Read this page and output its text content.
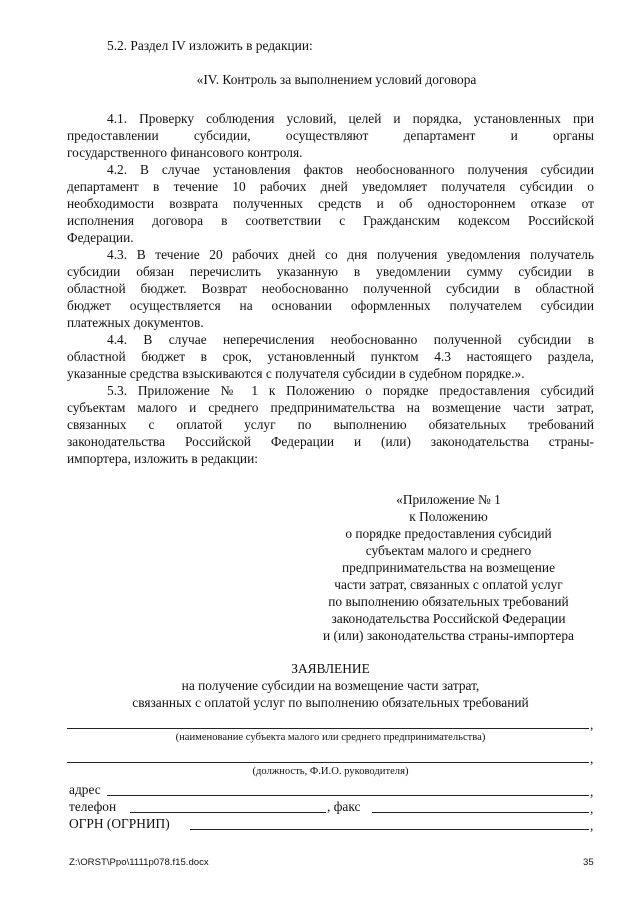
5.2. Раздел IV изложить в редакции:
«IV. Контроль за выполнением условий договора
4.1. Проверку соблюдения условий, целей и порядка, установленных при
предоставлении субсидии, осуществляют департамент и органы
государственного финансового контроля.
4.2. В случае установления фактов необоснованного получения субсидии
департамент в течение 10 рабочих дней уведомляет получателя субсидии о
необходимости возврата полученных средств и об одностороннем отказе от
исполнения договора в соответствии с Гражданским кодексом Российской
Федерации.
4.3. В течение 20 рабочих дней со дня получения уведомления получатель
субсидии обязан перечислить указанную в уведомлении сумму субсидии в
областной бюджет. Возврат необоснованно полученной субсидии в областной
бюджет осуществляется на основании оформленных получателем субсидии
платежных документов.
4.4. В случае неперечисления необоснованно полученной субсидии в
областной бюджет в срок, установленный пунктом 4.3 настоящего раздела,
указанные средства взыскиваются с получателя субсидии в судебном порядке.».
5.3. Приложение № 1 к Положению о порядке предоставления субсидий
субъектам малого и среднего предпринимательства на возмещение части затрат,
связанных с оплатой услуг по выполнению обязательных требований
законодательства Российской Федерации и (или) законодательства страны-
импортера, изложить в редакции:
«Приложение № 1
к Положению
о порядке предоставления субсидий
субъектам малого и среднего
предпринимательства на возмещение
части затрат, связанных с оплатой услуг
по выполнению обязательных требований
законодательства Российской Федерации
и (или) законодательства страны-импортера
ЗАЯВЛЕНИЕ
на получение субсидии на возмещение части затрат,
связанных с оплатой услуг по выполнению обязательных требований
,
(наименование субъекта малого или среднего предпринимательства)
,
(должность, Ф.И.О. руководителя)
адрес	,
телефон	, факс	,
ОГРН (ОГРНИП)	,
Z:\ORST\Ppo\1111p078.f15.docx	35
